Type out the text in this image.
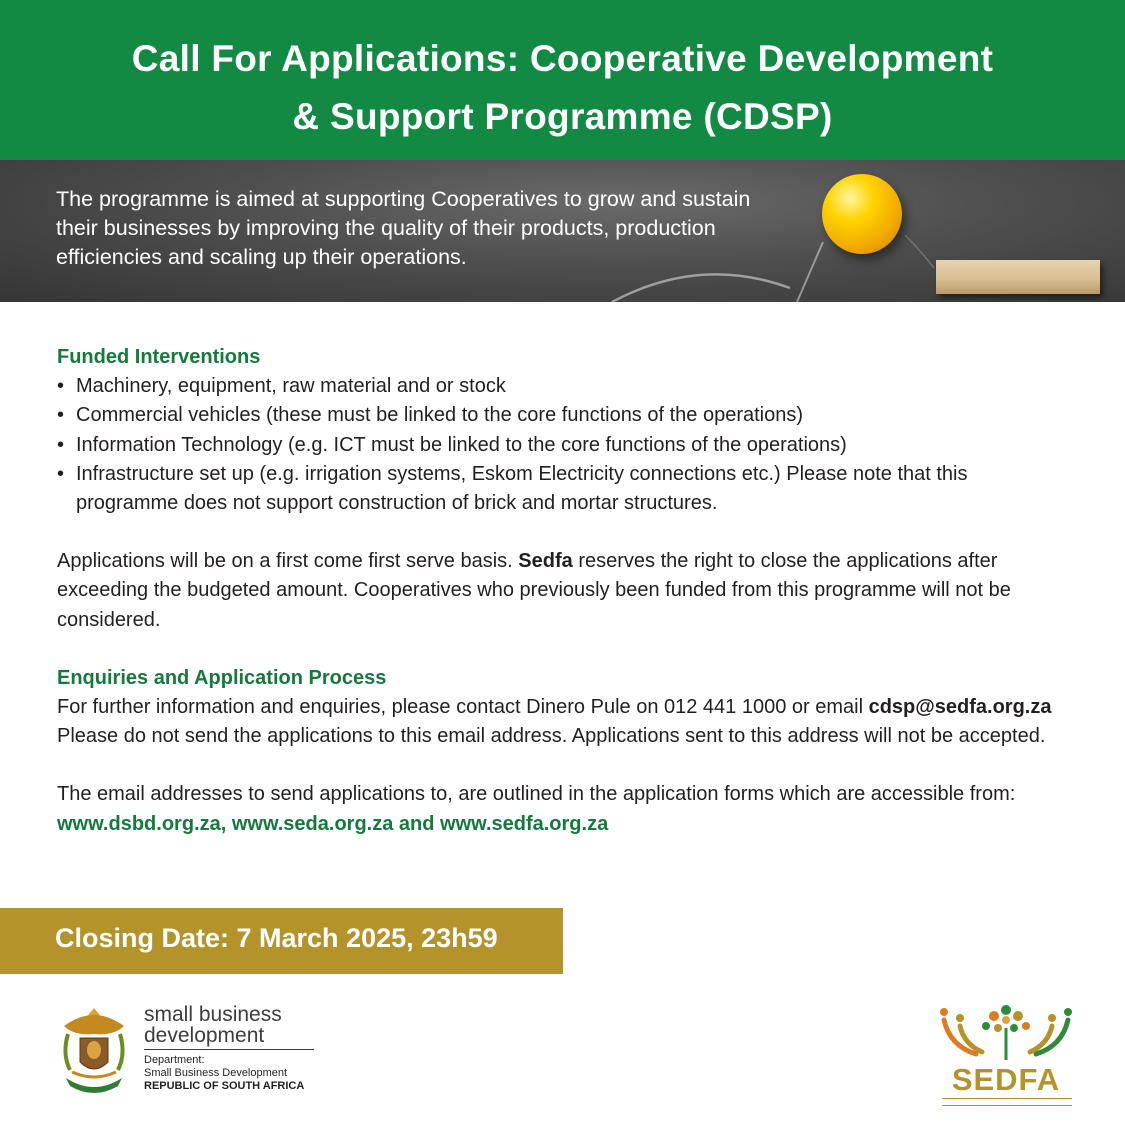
Call For Applications: Cooperative Development
& Support Programme (CDSP)
The programme is aimed at supporting Cooperatives to grow and sustain their businesses by improving the quality of their products, production efficiencies and scaling up their operations.
Funded Interventions
• Machinery, equipment, raw material and or stock
• Commercial vehicles (these must be linked to the core functions of the operations)
• Information Technology (e.g. ICT must be linked to the core functions of the operations)
• Infrastructure set up (e.g. irrigation systems, Eskom Electricity connections etc.) Please note that this programme does not support construction of brick and mortar structures.

Applications will be on a first come first serve basis. Sedfa reserves the right to close the applications after exceeding the budgeted amount. Cooperatives who previously been funded from this programme will not be considered.

Enquiries and Application Process

For further information and enquiries, please contact Dinero Pule on 012 441 1000 or email cdsp@sedfa.org.za Please do not send the applications to this email address. Applications sent to this address will not be accepted.

The email addresses to send applications to, are outlined in the application forms which are accessible from: www.dsbd.org.za, www.seda.org.za and www.sedfa.org.za

Closing Date: 7 March 2025, 23h59
small business
development
Department:
Small Business Development
REPUBLIC OF SOUTH AFRICA	SEDFA
